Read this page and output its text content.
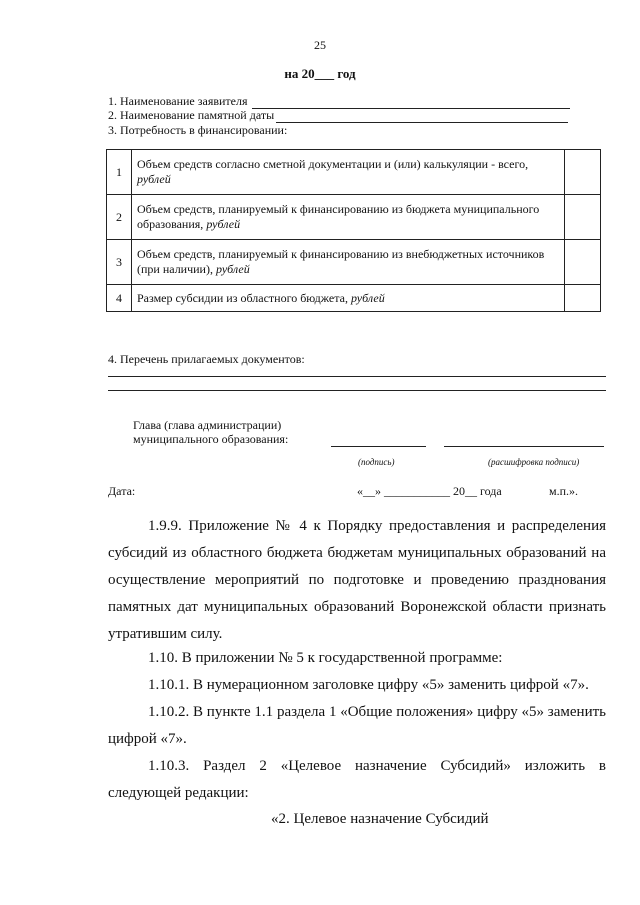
25
на 20___ год
1. Наименование заявителя
2. Наименование памятной даты
3. Потребность в финансировании:
1	Объем средств согласно сметной документации и (или) калькуляции - всего, рублей	
2	Объем средств, планируемый к финансированию из бюджета муниципального образования, рублей	
3	Объем средств, планируемый к финансированию из внебюджетных источников (при наличии), рублей	
4	Размер субсидии из областного бюджета, рублей	
4. Перечень прилагаемых документов:
Глава (глава администрации)
муниципального образования:
(подпись)	(расшифровка подписи)
Дата:	«__» ___________ 20__ года	м.п.».
1.9.9. Приложение № 4 к Порядку предоставления и распределения субсидий из областного бюджета бюджетам муниципальных образований на осуществление мероприятий по подготовке и проведению празднования памятных дат муниципальных образований Воронежской области признать утратившим силу.
1.10. В приложении № 5 к государственной программе:
1.10.1. В нумерационном заголовке цифру «5» заменить цифрой «7».
1.10.2. В пункте 1.1 раздела 1 «Общие положения» цифру «5» заменить цифрой «7».
1.10.3. Раздел 2 «Целевое назначение Субсидий» изложить в следующей редакции:
«2. Целевое назначение Субсидий
